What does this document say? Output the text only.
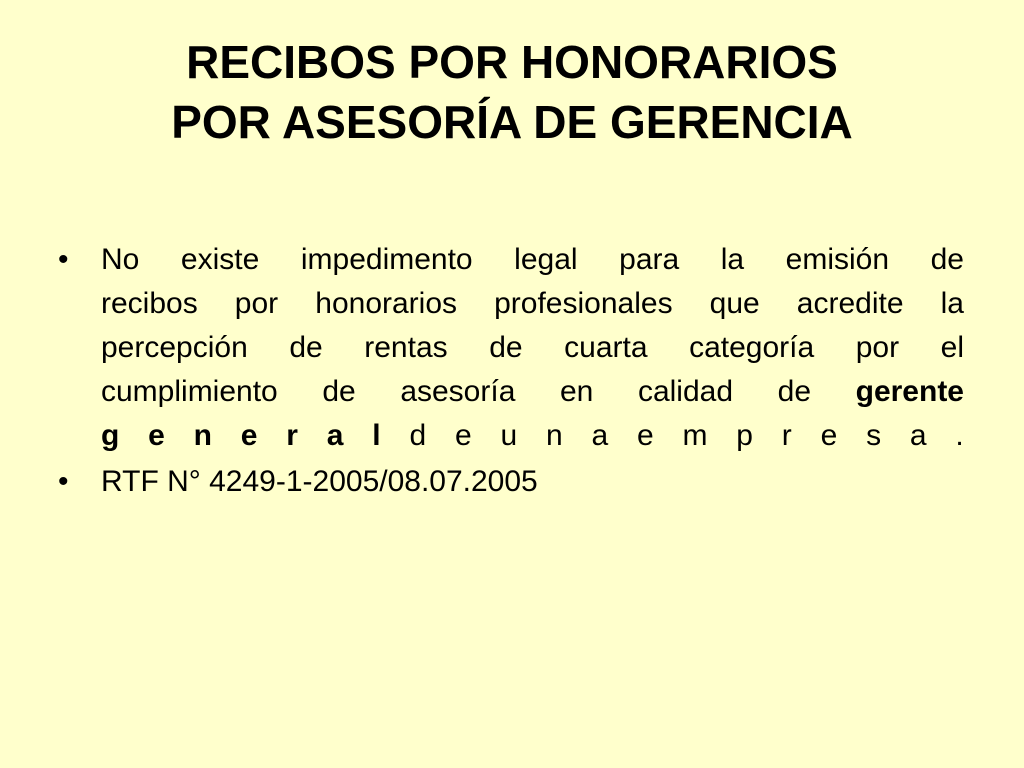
RECIBOS POR HONORARIOS
POR ASESORÍA DE GERENCIA
•	No existe impedimento legal para la emisión de
recibos por honorarios profesionales que acredite la
percepción de rentas de cuarta categoría por el
cumplimiento de asesoría en calidad de gerente
g e n e r a l d e u n a e m p r e s a .
•	RTF N° 4249-1-2005/08.07.2005
